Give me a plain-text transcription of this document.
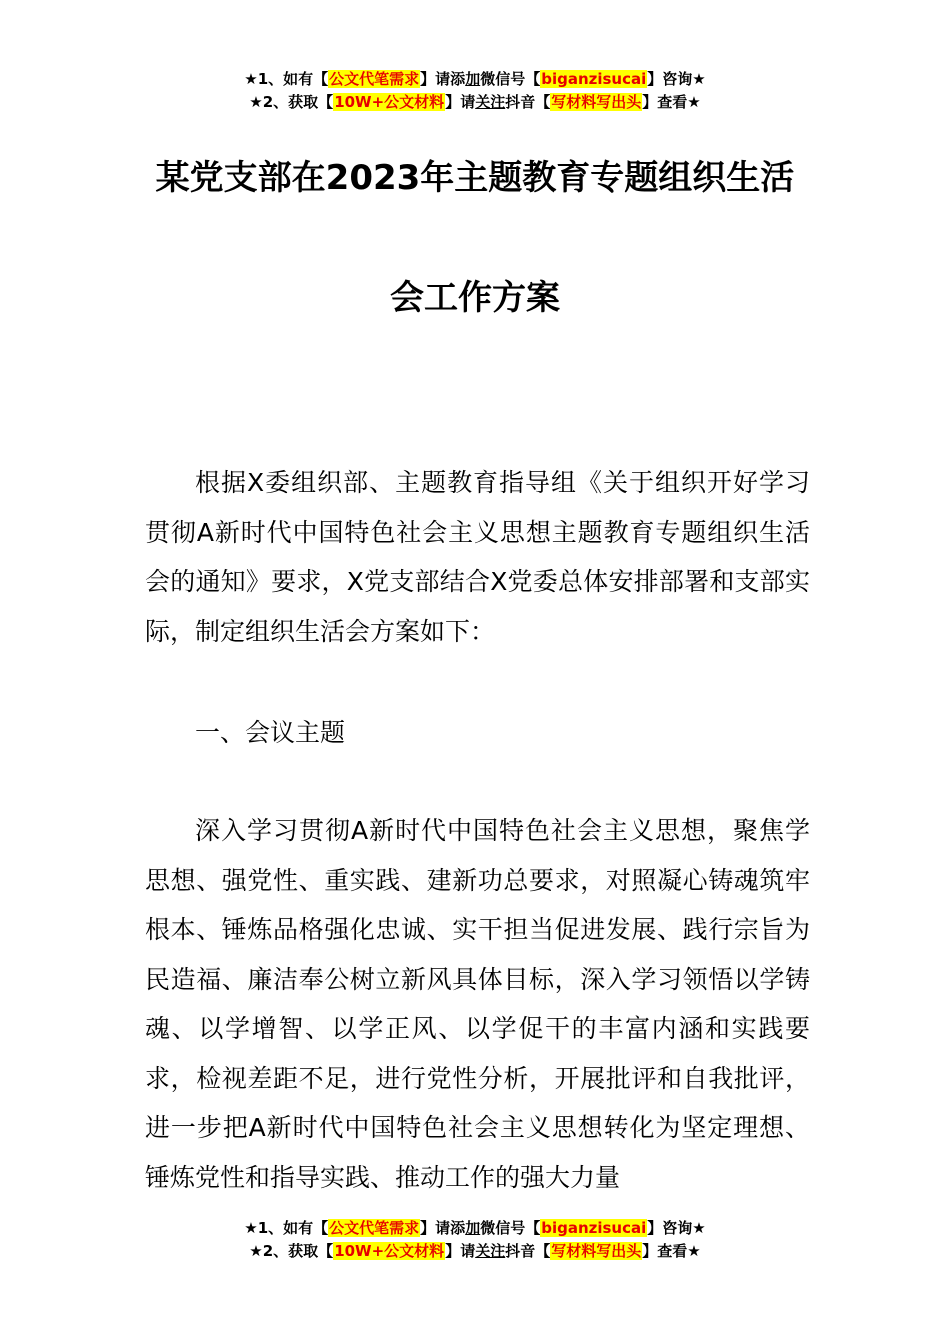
★1、如有【公文代笔需求】请添加微信号【biganzisucai】咨询★
★2、获取【10W+公文材料】请关注抖音【写材料写出头】查看★
某党支部在2023年主题教育专题组织生活
会工作方案

根据X委组织部、主题教育指导组《关于组织开好学习贯彻A新时代中国特色社会主义思想主题教育专题组织生活会的通知》要求，X党支部结合X党委总体安排部署和支部实际，制定组织生活会方案如下：

一、会议主题

深入学习贯彻A新时代中国特色社会主义思想，聚焦学思想、强党性、重实践、建新功总要求，对照凝心铸魂筑牢根本、锤炼品格强化忠诚、实干担当促进发展、践行宗旨为民造福、廉洁奉公树立新风具体目标，深入学习领悟以学铸魂、以学增智、以学正风、以学促干的丰富内涵和实践要求，检视差距不足，进行党性分析，开展批评和自我批评，进一步把A新时代中国特色社会主义思想转化为坚定理想、锤炼党性和指导实践、推动工作的强大力量

★1、如有【公文代笔需求】请添加微信号【biganzisucai】咨询★
★2、获取【10W+公文材料】请关注抖音【写材料写出头】查看★
